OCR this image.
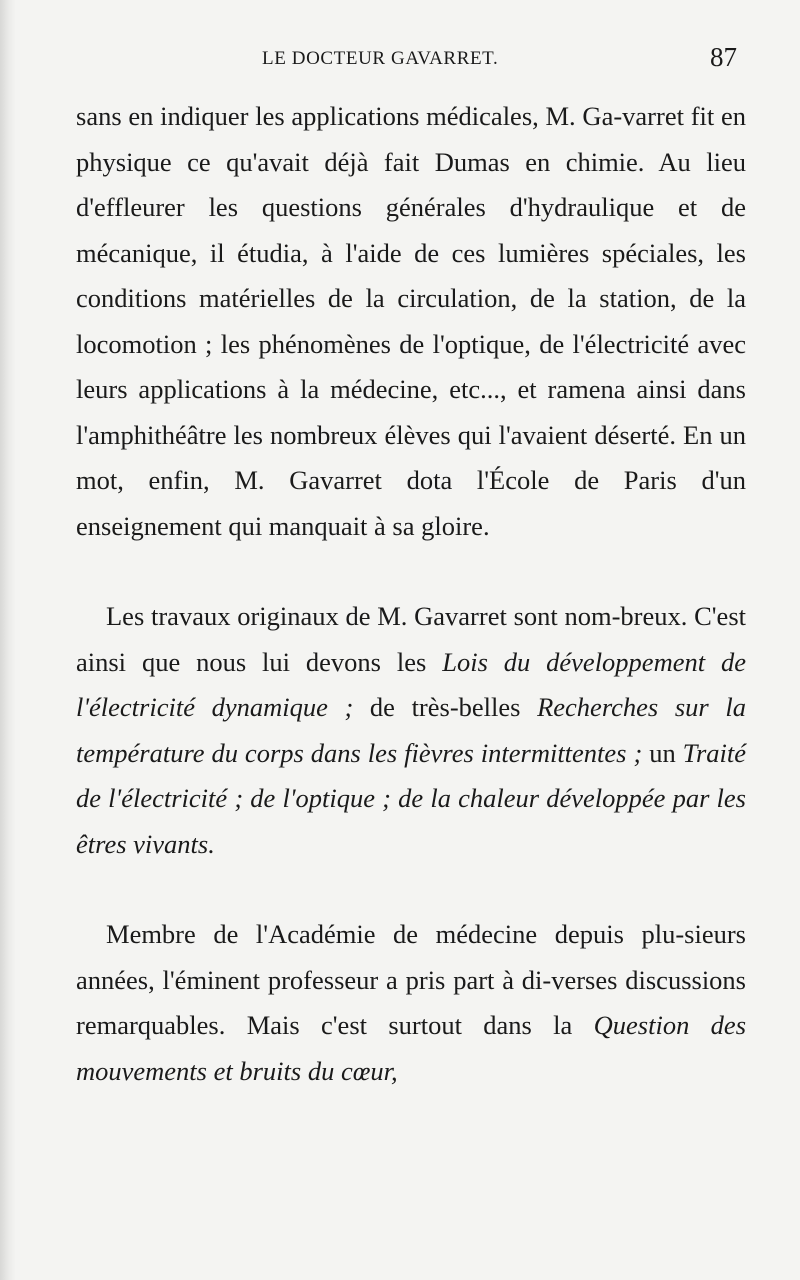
LE DOCTEUR GAVARRET.	87

sans en indiquer les applications médicales, M. Ga-varret fit en physique ce qu'avait déjà fait Dumas en chimie. Au lieu d'effleurer les questions générales d'hydraulique et de mécanique, il étudia, à l'aide de ces lumières spéciales, les conditions matérielles de la circulation, de la station, de la locomotion ; les phénomènes de l'optique, de l'électricité avec leurs applications à la médecine, etc..., et ramena ainsi dans l'amphithéâtre les nombreux élèves qui l'avaient déserté. En un mot, enfin, M. Gavarret dota l'École de Paris d'un enseignement qui manquait à sa gloire.

Les travaux originaux de M. Gavarret sont nom-breux. C'est ainsi que nous lui devons les Lois du développement de l'électricité dynamique ; de très-belles Recherches sur la température du corps dans les fièvres intermittentes ; un Traité de l'électricité ; de l'optique ; de la chaleur développée par les êtres vivants.

Membre de l'Académie de médecine depuis plu-sieurs années, l'éminent professeur a pris part à di-verses discussions remarquables. Mais c'est surtout dans la Question des mouvements et bruits du cœur,
